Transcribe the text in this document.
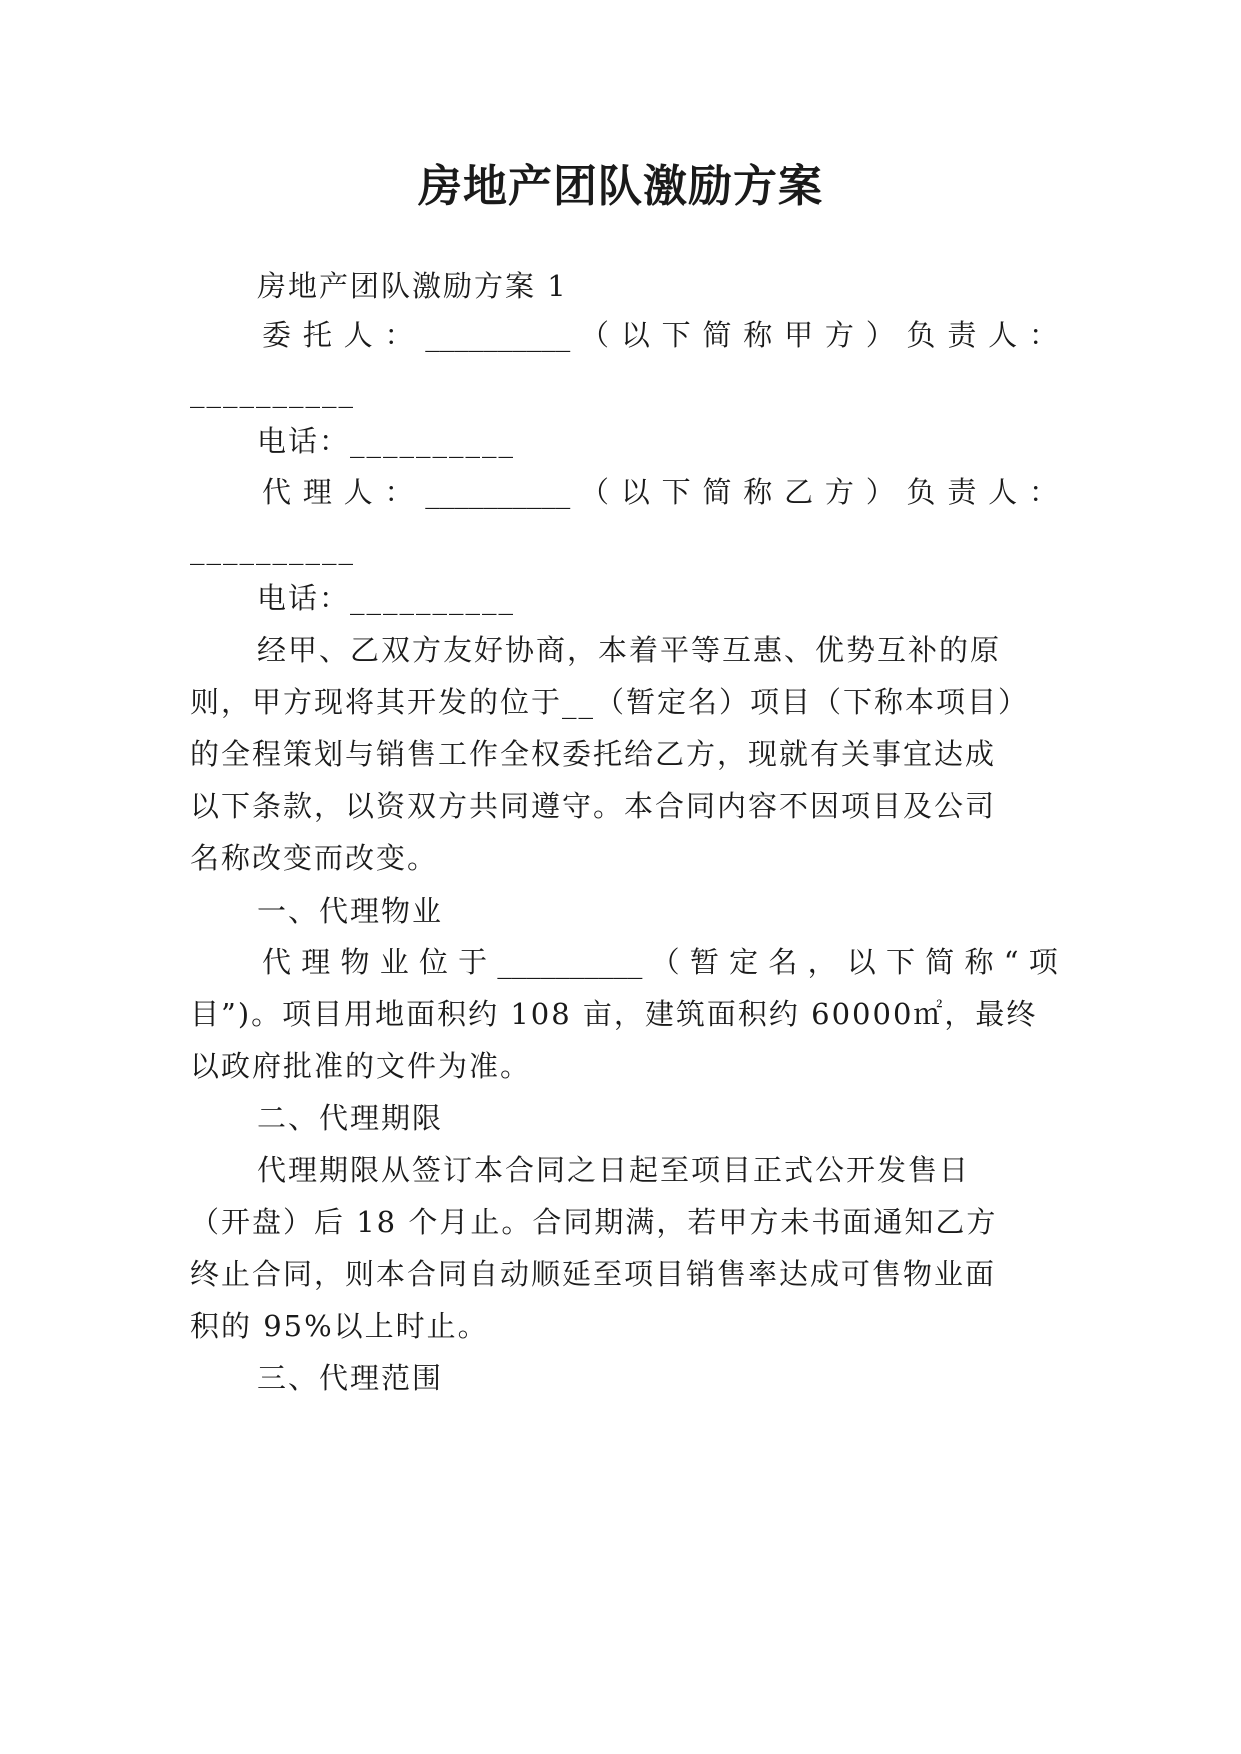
房地产团队激励方案
房地产团队激励方案 1
委 托 人 ： __________ （ 以 下 简 称 甲 方 ） 负 责 人 ：
__________
电话：__________
代 理 人 ： __________ （ 以 下 简 称 乙 方 ） 负 责 人 ：
__________
电话：__________
经甲、乙双方友好协商，本着平等互惠、优势互补的原
则，甲方现将其开发的位于__（暂定名）项目（下称本项目）
的全程策划与销售工作全权委托给乙方，现就有关事宜达成
以下条款，以资双方共同遵守。本合同内容不因项目及公司
名称改变而改变。
一、代理物业
代 理 物 业 位 于 __________ （ 暂 定 名 ， 以 下 简 称 “ 项
目”)。项目用地面积约 108 亩，建筑面积约 60000㎡，最终
以政府批准的文件为准。
二、代理期限
代理期限从签订本合同之日起至项目正式公开发售日
（开盘）后 18 个月止。合同期满，若甲方未书面通知乙方
终止合同，则本合同自动顺延至项目销售率达成可售物业面
积的 95%以上时止。
三、代理范围
